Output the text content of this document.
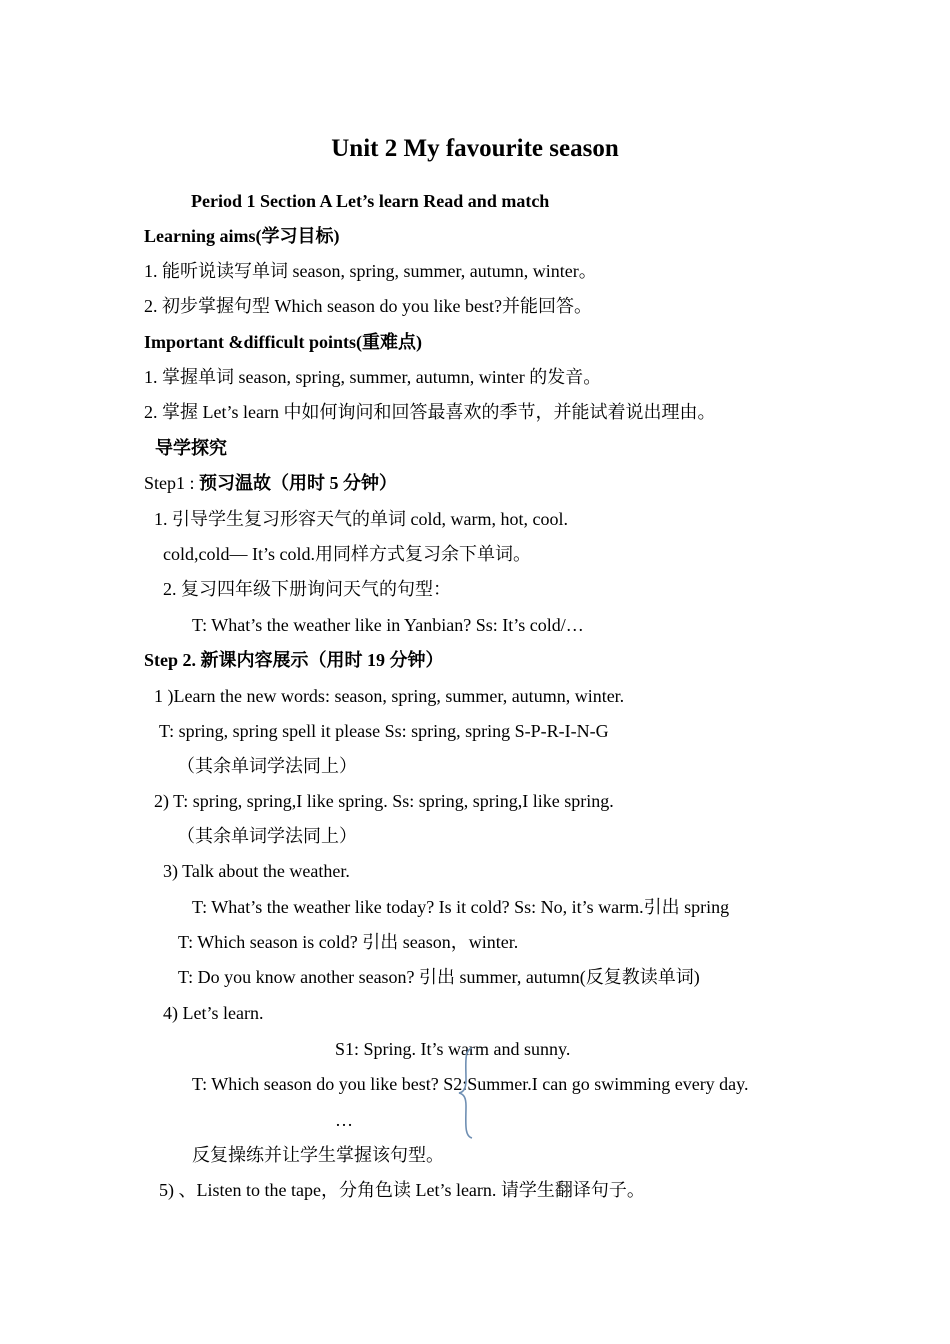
Unit 2 My favourite season
Period 1 Section A Let’s learn Read and match
Learning aims(学习目标)
1. 能听说读写单词 season, spring, summer, autumn, winter。
2. 初步掌握句型 Which season do you like best?并能回答。
Important &difficult points(重难点)
1. 掌握单词 season, spring, summer, autumn, winter 的发音。
2. 掌握 Let’s learn 中如何询问和回答最喜欢的季节，并能试着说出理由。
导学探究
Step1 : 预习温故（用时 5 分钟）
1. 引导学生复习形容天气的单词 cold, warm, hot, cool.
cold,cold— It’s cold.用同样方式复习余下单词。
2. 复习四年级下册询问天气的句型：
T: What’s the weather like in Yanbian? Ss: It’s cold/…
Step 2. 新课内容展示（用时 19 分钟）
1 )Learn the new words: season, spring, summer, autumn, winter.
T: spring, spring spell it please Ss: spring, spring S-P-R-I-N-G
（其余单词学法同上）
2) T: spring, spring,I like spring. Ss: spring, spring,I like spring.
（其余单词学法同上）
3) Talk about the weather.
T: What’s the weather like today? Is it cold? Ss: No, it’s warm.引出 spring
T: Which season is cold? 引出 season，winter.
T: Do you know another season? 引出 summer, autumn(反复教读单词)
4) Let’s learn.
S1: Spring. It’s warm and sunny.
T: Which season do you like best? S2:Summer.I can go swimming every day.
…
反复操练并让学生掌握该句型。
5) 、Listen to the tape，分角色读 Let’s learn. 请学生翻译句子。
